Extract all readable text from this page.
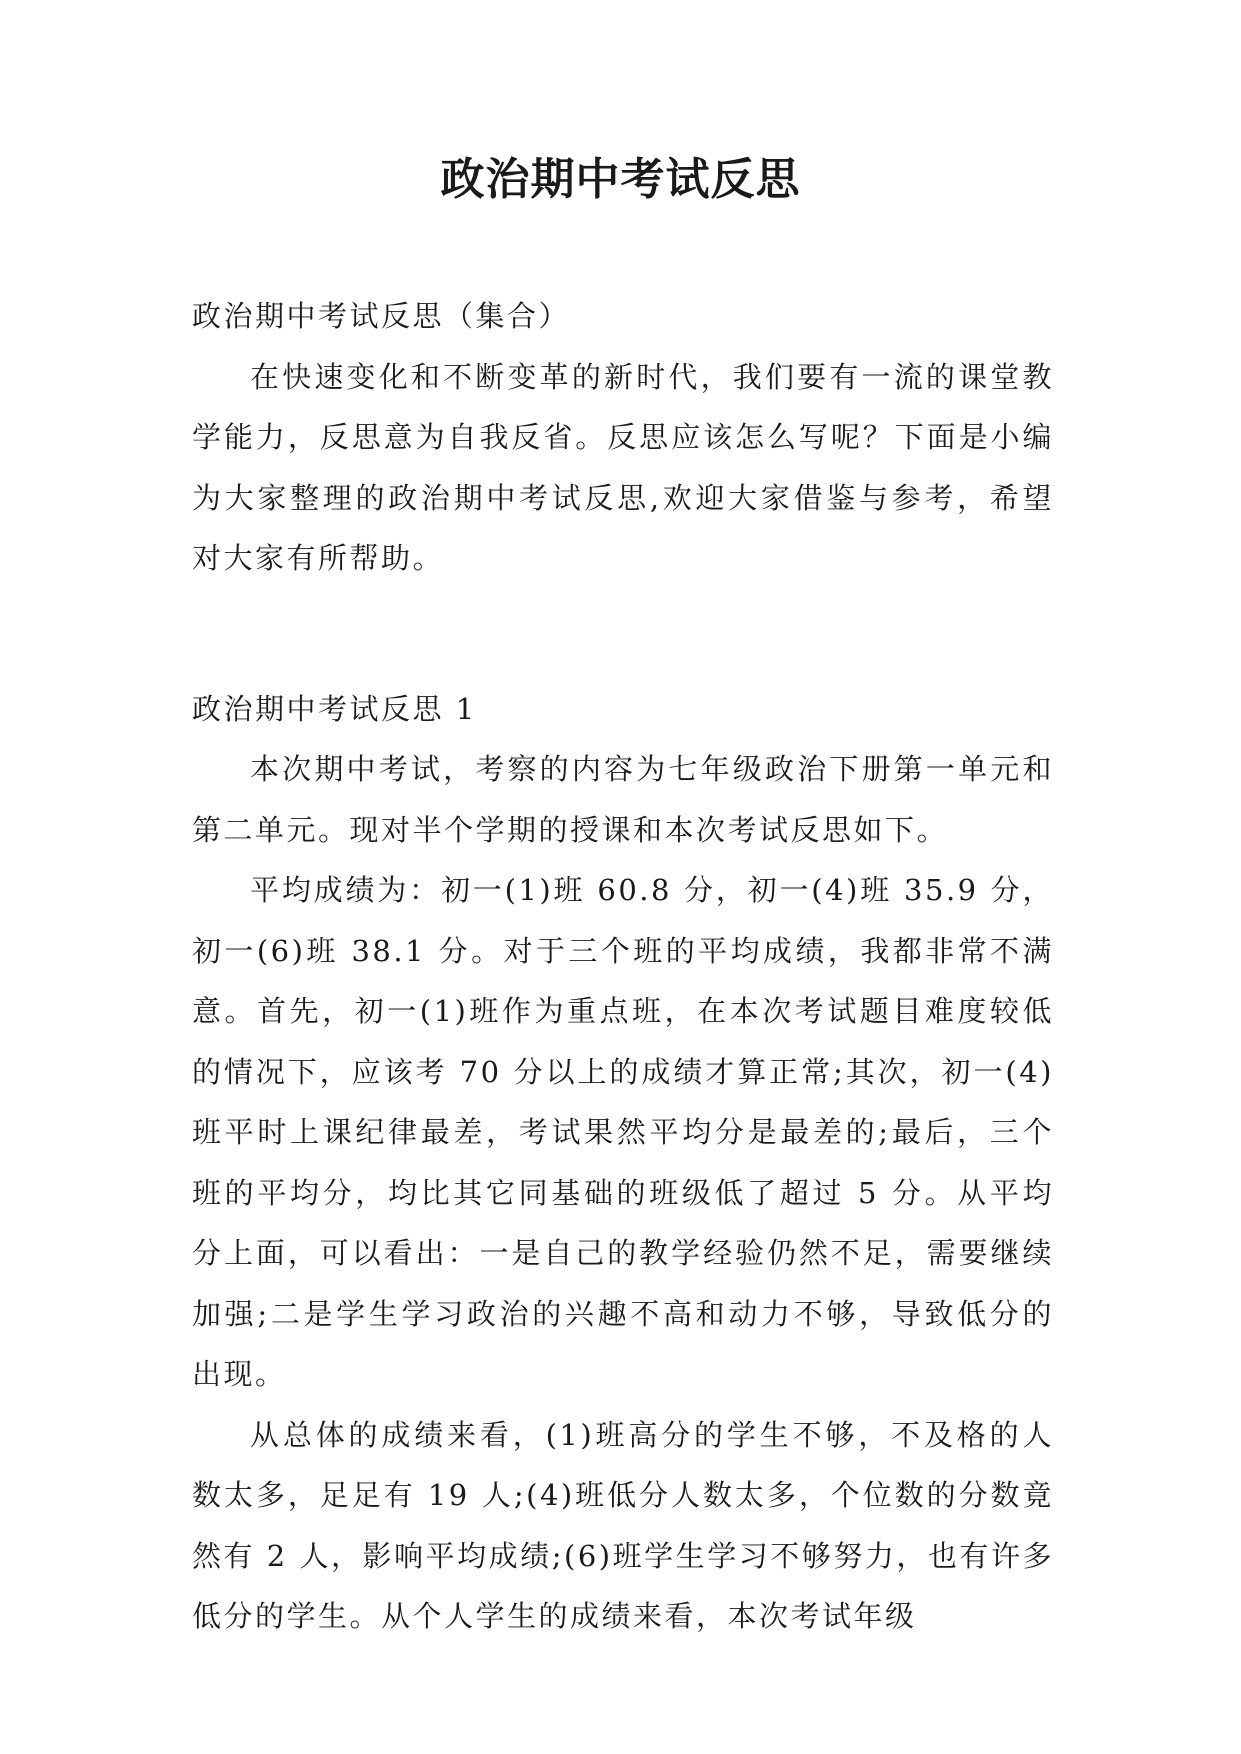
政治期中考试反思

政治期中考试反思（集合）

在快速变化和不断变革的新时代，我们要有一流的课堂教学能力，反思意为自我反省。反思应该怎么写呢？下面是小编为大家整理的政治期中考试反思,欢迎大家借鉴与参考，希望对大家有所帮助。

政治期中考试反思 1

本次期中考试，考察的内容为七年级政治下册第一单元和第二单元。现对半个学期的授课和本次考试反思如下。

平均成绩为：初一(1)班 60.8 分，初一(4)班 35.9 分，初一(6)班 38.1 分。对于三个班的平均成绩，我都非常不满意。首先，初一(1)班作为重点班，在本次考试题目难度较低的情况下，应该考 70 分以上的成绩才算正常;其次，初一(4)班平时上课纪律最差，考试果然平均分是最差的;最后，三个班的平均分，均比其它同基础的班级低了超过 5 分。从平均分上面，可以看出：一是自己的教学经验仍然不足，需要继续加强;二是学生学习政治的兴趣不高和动力不够，导致低分的出现。

从总体的成绩来看，(1)班高分的学生不够，不及格的人数太多，足足有 19 人;(4)班低分人数太多，个位数的分数竟然有 2 人，影响平均成绩;(6)班学生学习不够努力，也有许多低分的学生。从个人学生的成绩来看，本次考试年级
